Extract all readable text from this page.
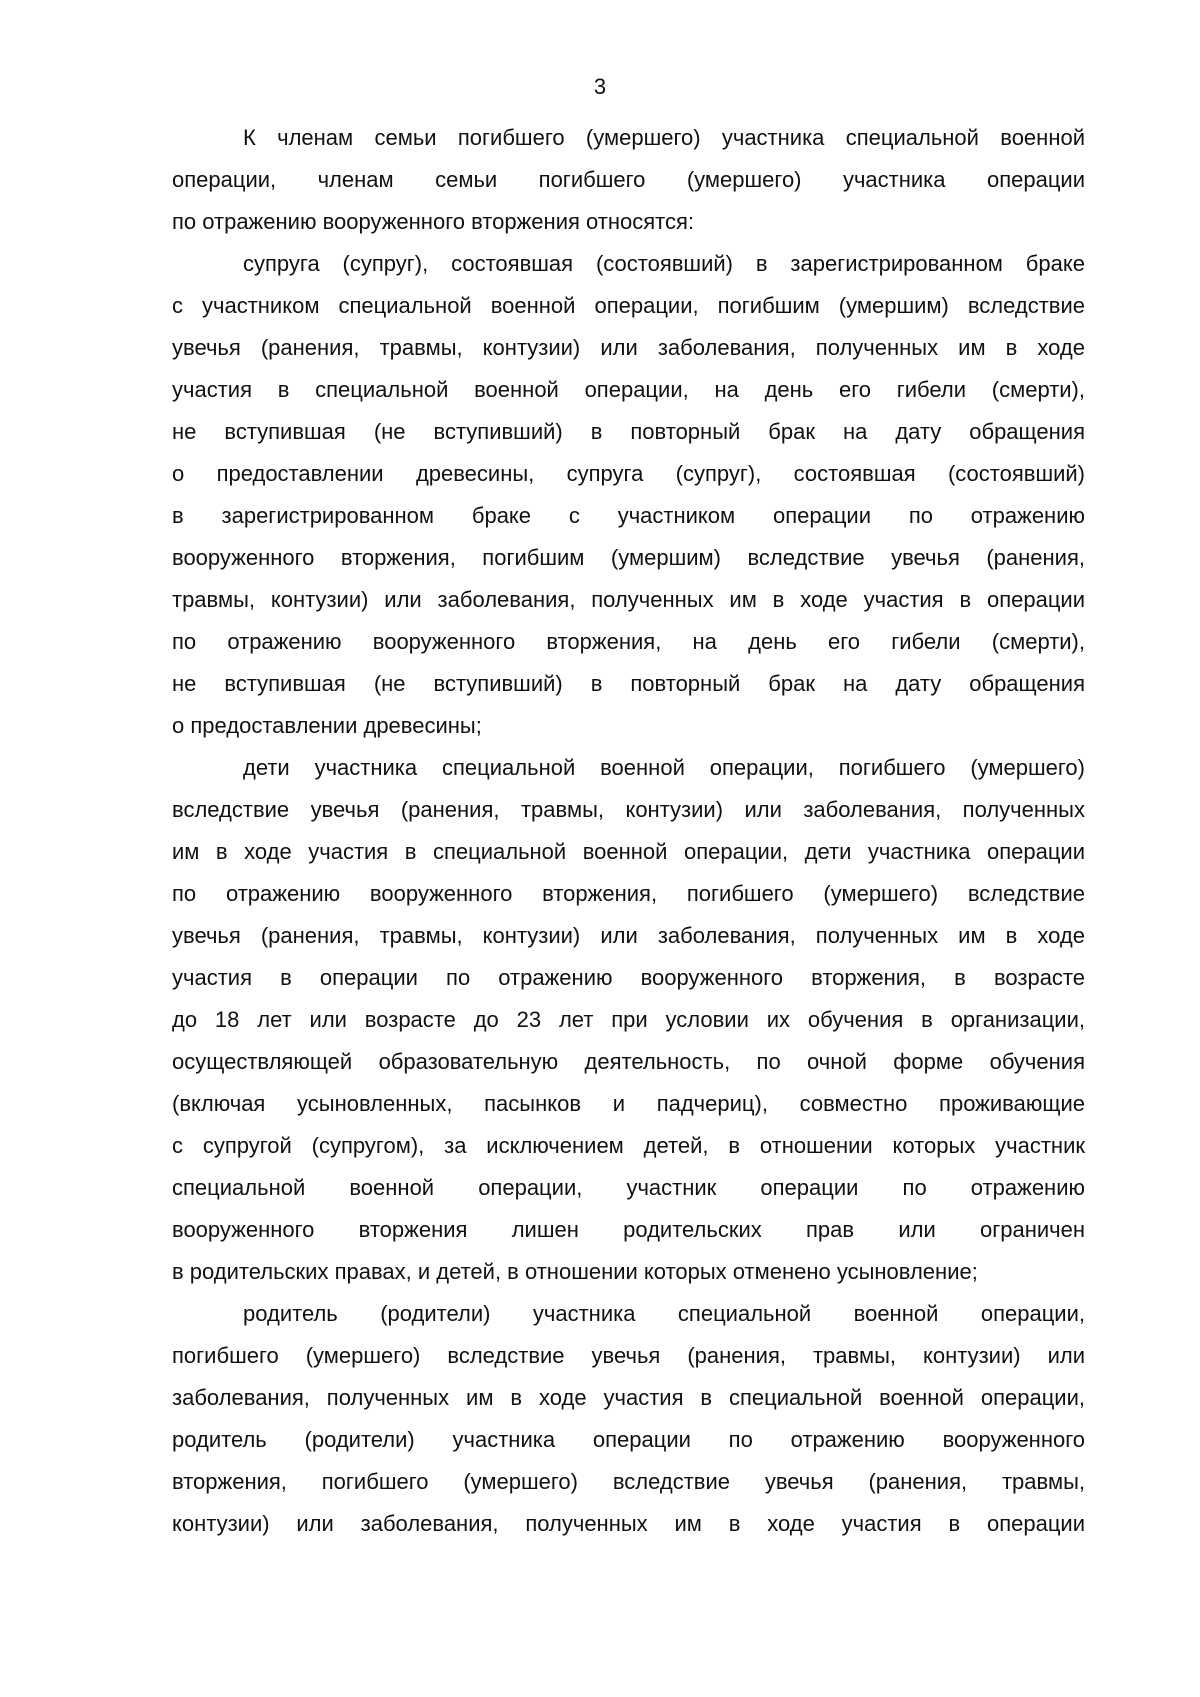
3
К членам семьи погибшего (умершего) участника специальной военной
операции, членам семьи погибшего (умершего) участника операции
по отражению вооруженного вторжения относятся:
супруга (супруг), состоявшая (состоявший) в зарегистрированном браке
с участником специальной военной операции, погибшим (умершим) вследствие
увечья (ранения, травмы, контузии) или заболевания, полученных им в ходе
участия в специальной военной операции, на день его гибели (смерти),
не вступившая (не вступивший) в повторный брак на дату обращения
о предоставлении древесины, супруга (супруг), состоявшая (состоявший)
в зарегистрированном браке с участником операции по отражению
вооруженного вторжения, погибшим (умершим) вследствие увечья (ранения,
травмы, контузии) или заболевания, полученных им в ходе участия в операции
по отражению вооруженного вторжения, на день его гибели (смерти),
не вступившая (не вступивший) в повторный брак на дату обращения
о предоставлении древесины;
дети участника специальной военной операции, погибшего (умершего)
вследствие увечья (ранения, травмы, контузии) или заболевания, полученных
им в ходе участия в специальной военной операции, дети участника операции
по отражению вооруженного вторжения, погибшего (умершего) вследствие
увечья (ранения, травмы, контузии) или заболевания, полученных им в ходе
участия в операции по отражению вооруженного вторжения, в возрасте
до 18 лет или возрасте до 23 лет при условии их обучения в организации,
осуществляющей образовательную деятельность, по очной форме обучения
(включая усыновленных, пасынков и падчериц), совместно проживающие
с супругой (супругом), за исключением детей, в отношении которых участник
специальной военной операции, участник операции по отражению
вооруженного вторжения лишен родительских прав или ограничен
в родительских правах, и детей, в отношении которых отменено усыновление;
родитель (родители) участника специальной военной операции,
погибшего (умершего) вследствие увечья (ранения, травмы, контузии) или
заболевания, полученных им в ходе участия в специальной военной операции,
родитель (родители) участника операции по отражению вооруженного
вторжения, погибшего (умершего) вследствие увечья (ранения, травмы,
контузии) или заболевания, полученных им в ходе участия в операции
